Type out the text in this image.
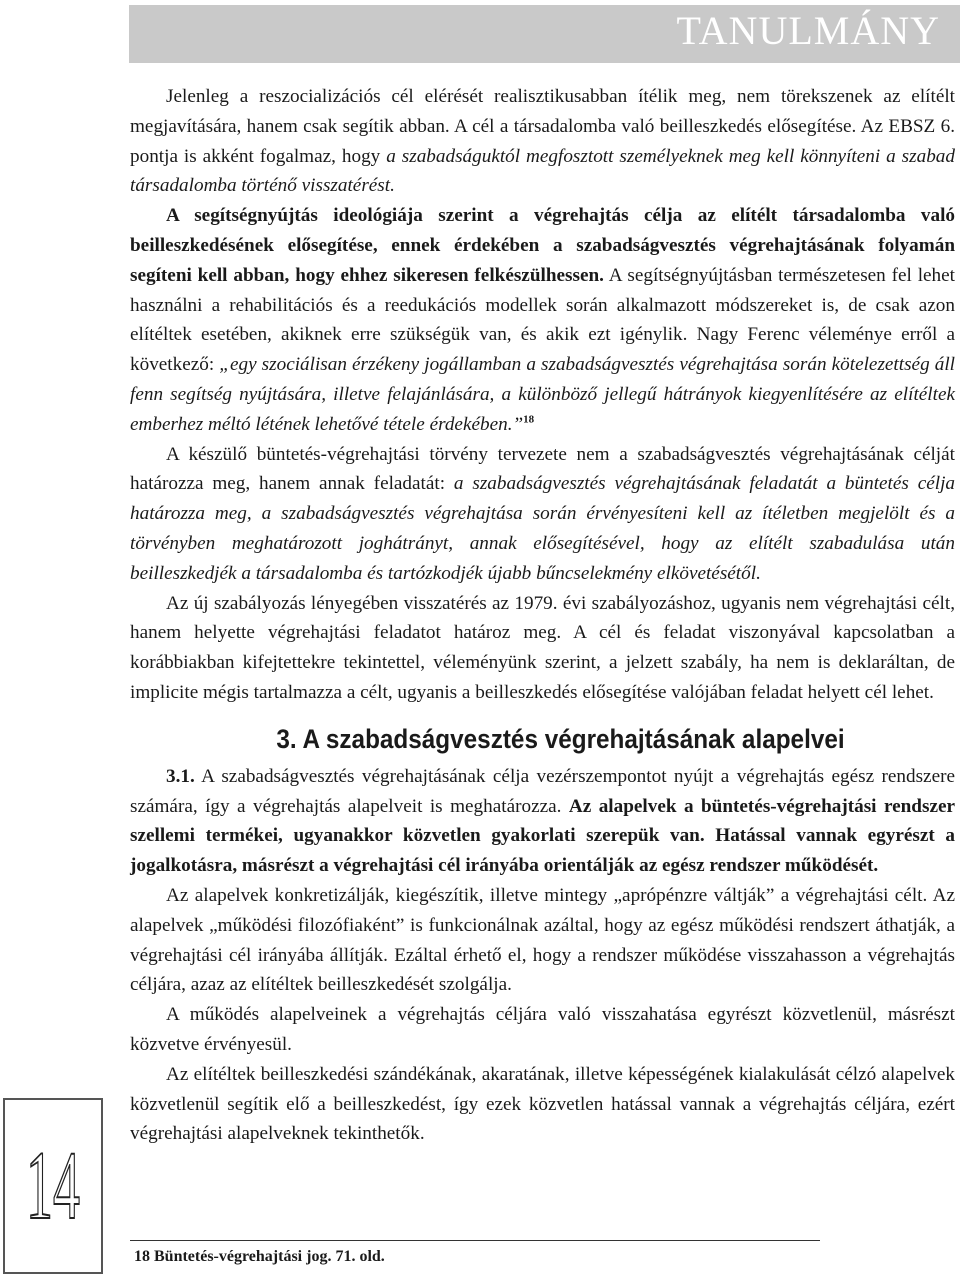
TANULMÁNY
14

Jelenleg a reszocializációs cél elérését realisztikusabban ítélik meg, nem törekszenek az elítélt megjavítására, hanem csak segítik abban. A cél a társadalomba való beilleszkedés elősegítése. Az EBSZ 6. pontja is akként fogalmaz, hogy a szabadságuktól megfosztott személyeknek meg kell könnyíteni a szabad társadalomba történő visszatérést.
A segítségnyújtás ideológiája szerint a végrehajtás célja az elítélt társadalomba való beilleszkedésének elősegítése, ennek érdekében a szabadságvesztés végrehajtásának folyamán segíteni kell abban, hogy ehhez sikeresen felkészülhessen. A segítségnyújtásban természetesen fel lehet használni a rehabilitációs és a reedukációs modellek során alkalmazott módszereket is, de csak azon elítéltek esetében, akiknek erre szükségük van, és akik ezt igénylik. Nagy Ferenc véleménye erről a következő: „egy szociálisan érzékeny jogállamban a szabadságvesztés végrehajtása során kötelezettség áll fenn segítség nyújtására, illetve felajánlására, a különböző jellegű hátrányok kiegyenlítésére az elítéltek emberhez méltó létének lehetővé tétele érdekében.”$^{18}$

A készülő büntetés-végrehajtási törvény tervezete nem a szabadságvesztés végrehajtásának célját határozza meg, hanem annak feladatát: a szabadságvesztés végrehajtásának feladatát a büntetés célja határozza meg, a szabadságvesztés végrehajtása során érvényesíteni kell az ítéletben megjelölt és a törvényben meghatározott joghátrányt, annak elősegítésével, hogy az elítélt szabadulása után beilleszkedjék a társadalomba és tartózkodjék újabb bűncselekmény elkövetésétől.

Az új szabályozás lényegében visszatérés az 1979. évi szabályozáshoz, ugyanis nem végrehajtási célt, hanem helyette végrehajtási feladatot határoz meg. A cél és feladat viszonyával kapcsolatban a korábbiakban kifejtettekre tekintettel, véleményünk szerint, a jelzett szabály, ha nem is deklaráltan, de implicite mégis tartalmazza a célt, ugyanis a beilleszkedés elősegítése valójában feladat helyett cél lehet.

3. A szabadságvesztés végrehajtásának alapelvei

3.1. A szabadságvesztés végrehajtásának célja vezérszempontot nyújt a végrehajtás egész rendszere számára, így a végrehajtás alapelveit is meghatározza. Az alapelvek a büntetés-végrehajtási rendszer szellemi termékei, ugyanakkor közvetlen gyakorlati szerepük van. Hatással vannak egyrészt a jogalkotásra, másrészt a végrehajtási cél irányába orientálják az egész rendszer működését.

Az alapelvek konkretizálják, kiegészítik, illetve mintegy „aprópénzre váltják” a végrehajtási célt. Az alapelvek „működési filozófiaként” is funkcionálnak azáltal, hogy az egész működési rendszert áthatják, a végrehajtási cél irányába állítják. Ezáltal érhető el, hogy a rendszer működése visszahasson a végrehajtás céljára, azaz az elítéltek beilleszkedését szolgálja.

A működés alapelveinek a végrehajtás céljára való visszahatása egyrészt közvetlenül, másrészt közvetve érvényesül.

Az elítéltek beilleszkedési szándékának, akaratának, illetve képességének kialakulását célzó alapelvek közvetlenül segítik elő a beilleszkedést, így ezek közvetlen hatással vannak a végrehajtás céljára, ezért végrehajtási alapelveknek tekinthetők.

18 Büntetés-végrehajtási jog. 71. old.
